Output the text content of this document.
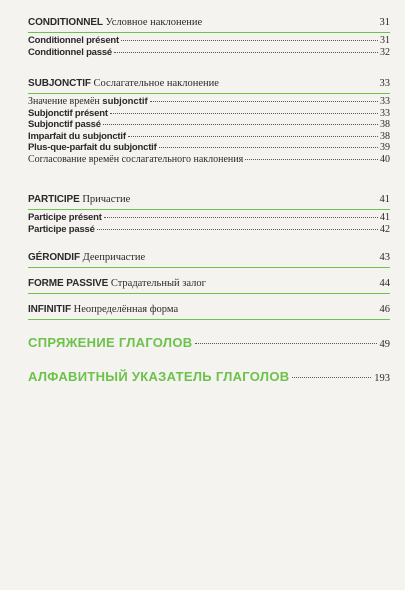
CONDITIONNEL Условное наклонение	31
Conditionnel présent	31
Conditionnel passé	32
SUBJONCTIF Сослагательное наклонение	33
Значение времён subjonctif	33
Subjonctif présent	33
Subjonctif passé	38
Imparfait du subjonctif	38
Plus-que-parfait du subjonctif	39
Согласование времён сослагательного наклонения	40
PARTICIPE Причастие	41
Participe présent	41
Participe passé	42
GÉRONDIF Деепричастие	43
FORME PASSIVE Страдательный залог	44
INFINITIF Неопределённая форма	46
СПРЯЖЕНИЕ ГЛАГОЛОВ	49
АЛФАВИТНЫЙ УКАЗАТЕЛЬ ГЛАГОЛОВ	193
